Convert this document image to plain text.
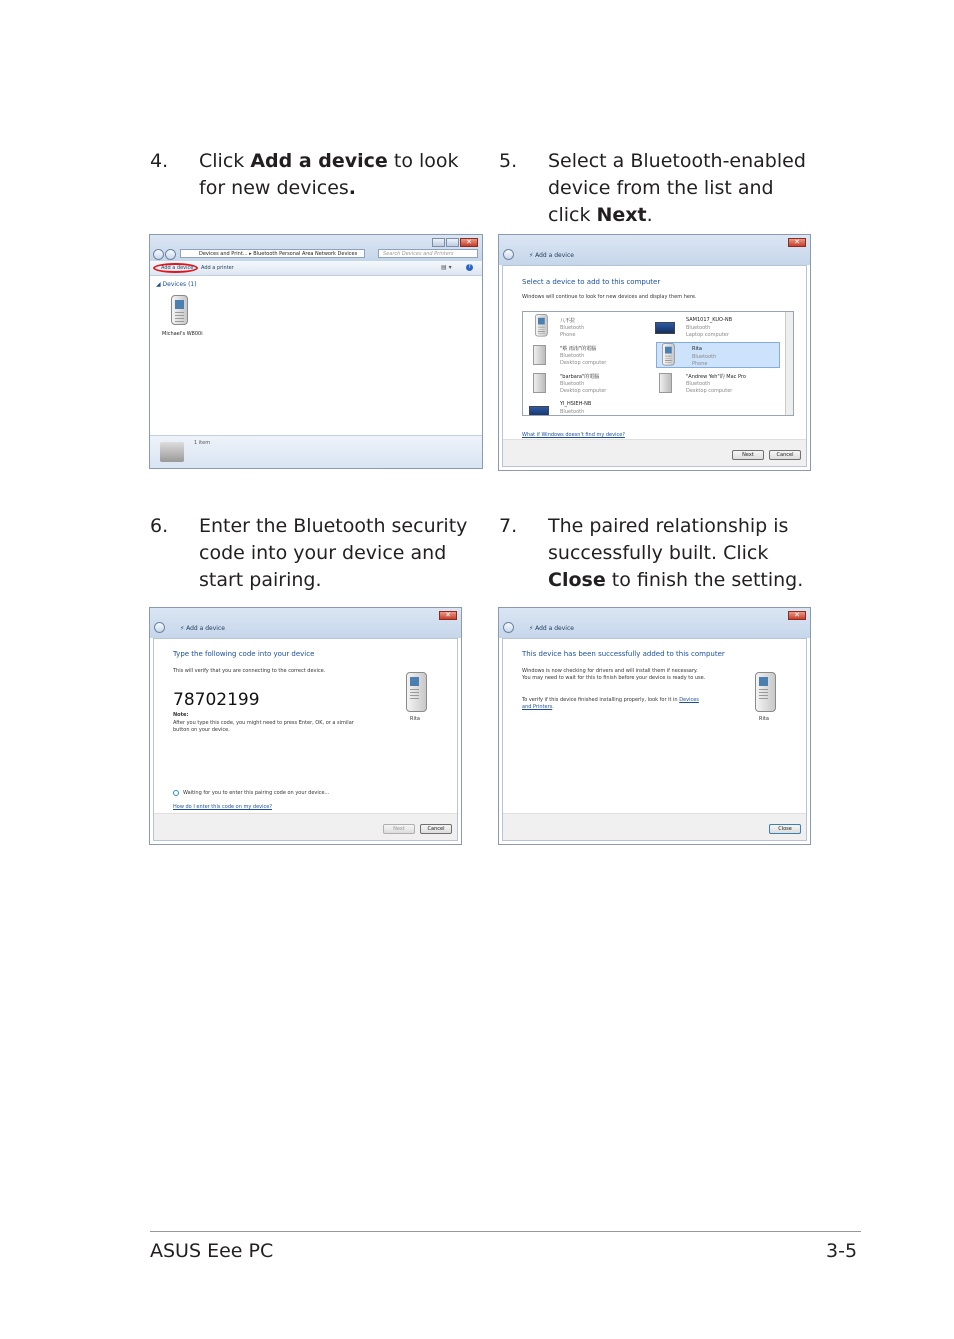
4. Click Add a device to look for new devices.
5. Select a Bluetooth-enabled device from the list and click Next.
6. Enter the Bluetooth security code into your device and start pairing.
7. The paired relationship is successfully built. Click Close to finish the setting.
✕
Devices and Print... ▸ Bluetooth Personal Area Network Devices	Search Devices and Printers
Add a device Add a printer	▤ ▾	?
◢ Devices (1)
Michael's W800i
1 item
✕
⚡ Add a device
Select a device to add to this computer
Windows will continue to look for new devices and display them here.
八不拉
Bluetooth
Phone
SAM1017_KUO-NB
Bluetooth
Laptop computer
"蔡 雨洧"的電腦
Bluetooth
Desktop computer
Rita
Bluetooth
Phone
"barbara"的電腦
Bluetooth
Desktop computer
"Andrew Yeh"的 Mac Pro
Bluetooth
Desktop computer
YI_HSIEH-NB
Bluetooth
What if Windows doesn't find my device?
Next	Cancel
✕
⚡ Add a device
Type the following code into your device
This will verify that you are connecting to the correct device.
78702199
Note:
After you type this code, you might need to press Enter, OK, or a similar button on your device.
Rita
Waiting for you to enter this pairing code on your device...
How do I enter this code on my device?
Next	Cancel
✕
⚡ Add a device
This device has been successfully added to this computer
Windows is now checking for drivers and will install them if necessary. You may need to wait for this to finish before your device is ready to use.
To verify if this device finished installing properly, look for it in Devices and Printers.
Rita
Close
ASUS Eee PC	3-5
